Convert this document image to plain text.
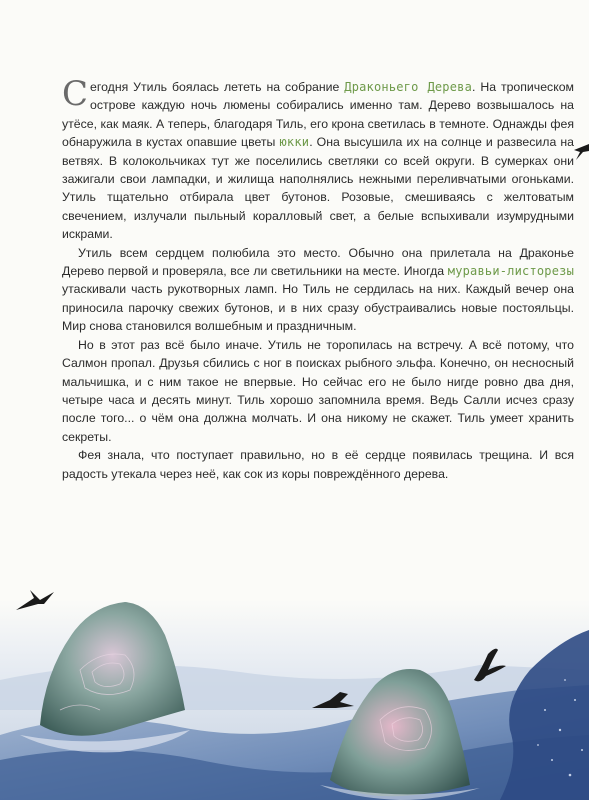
Сегодня Утиль боялась лететь на собрание Драконьего Дерева. На тропическом острове каждую ночь люмены собирались именно там. Дерево возвышалось на утёсе, как маяк. А теперь, благодаря Тиль, его крона светилась в темноте. Однажды фея обнаружила в кустах опавшие цветы юкки. Она высушила их на солнце и развесила на ветвях. В колокольчиках тут же поселились светляки со всей округи. В сумерках они зажигали свои лампадки, и жилища наполнялись нежными переливчатыми огоньками. Утиль тщательно отбирала цвет бутонов. Розовые, смешиваясь с желтоватым свечением, излучали пыльный коралловый свет, а белые вспыхивали изумрудными искрами.

Утиль всем сердцем полюбила это место. Обычно она прилетала на Драконье Дерево первой и проверяла, все ли светильники на месте. Иногда муравьи-листорезы утаскивали часть рукотворных ламп. Но Тиль не сердилась на них. Каждый вечер она приносила парочку свежих бутонов, и в них сразу обустраивались новые постояльцы. Мир снова становился волшебным и праздничным.

Но в этот раз всё было иначе. Утиль не торопилась на встречу. А всё потому, что Салмон пропал. Друзья сбились с ног в поисках рыбного эльфа. Конечно, он несносный мальчишка, и с ним такое не впервые. Но сейчас его не было нигде ровно два дня, четыре часа и десять минут. Тиль хорошо запомнила время. Ведь Салли исчез сразу после того... о чём она должна молчать. И она никому не скажет. Тиль умеет хранить секреты.

Фея знала, что поступает правильно, но в её сердце появилась трещина. И вся радость утекала через неё, как сок из коры повреждённого дерева.
